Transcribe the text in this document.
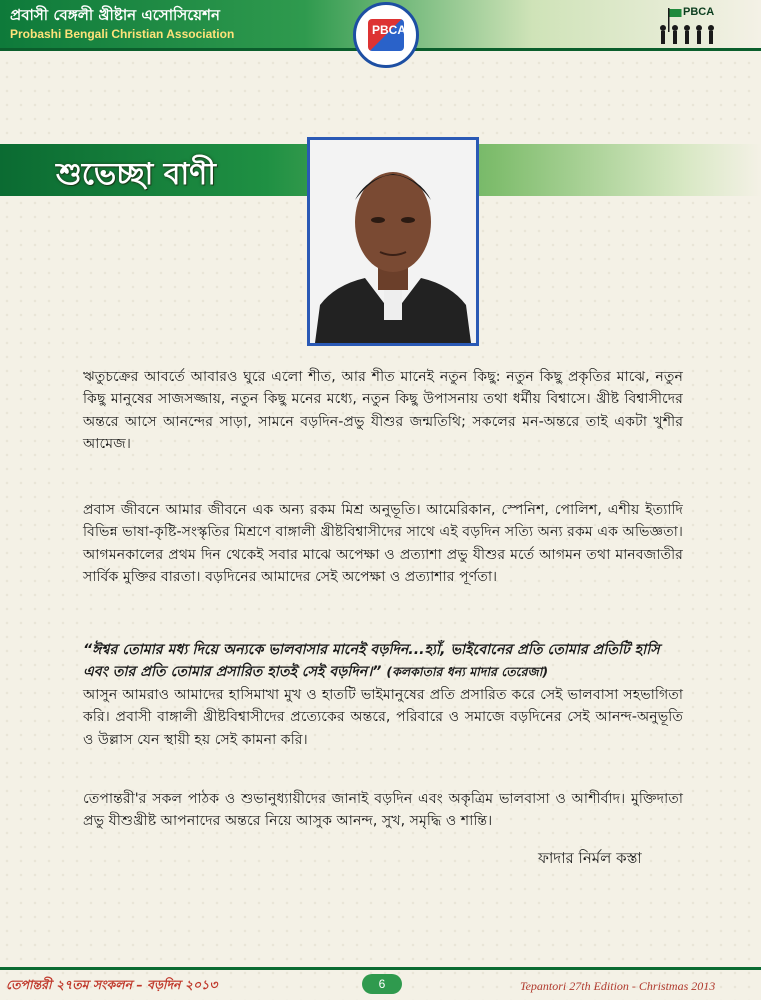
প্রবাসী বেঙ্গলী খ্রীষ্টান এসোসিয়েশন
Probashi Bengali Christian Association
PBCA
PBCA
শুভেচ্ছা বাণী
ঋতুচক্রের আবর্তে আবারও ঘুরে এলো শীত, আর শীত মানেই নতুন কিছু: নতুন কিছু প্রকৃতির মাঝে, নতুন কিছু মানুষের সাজসজ্জায়, নতুন কিছু মনের মধ্যে, নতুন কিছু উপাসনায় তথা ধর্মীয় বিশ্বাসে। খ্রীষ্ট বিশ্বাসীদের অন্তরে আসে আনন্দের সাড়া, সামনে বড়দিন-প্রভু যীশুর জন্মতিথি; সকলের মন-অন্তরে তাই একটা খুশীর আমেজ।
প্রবাস জীবনে আমার জীবনে এক অন্য রকম মিশ্র অনুভূতি। আমেরিকান, স্পেনিশ, পোলিশ, এশীয় ইত্যাদি বিভিন্ন ভাষা-কৃষ্টি-সংস্কৃতির মিশ্রণে বাঙ্গালী খ্রীষ্টবিশ্বাসীদের সাথে এই বড়দিন সত্যি অন্য রকম এক অভিজ্ঞতা। আগমনকালের প্রথম দিন থেকেই সবার মাঝে অপেক্ষা ও প্রত্যাশা প্রভু যীশুর মর্তে আগমন তথা মানবজাতীর সার্বিক মুক্তির বারতা। বড়দিনের আমাদের সেই অপেক্ষা ও প্রত্যাশার পূর্ণতা।
“ঈশ্বর তোমার মধ্য দিয়ে অন্যকে ভালবাসার মানেই বড়দিন...হ্যাঁ, ভাইবোনের প্রতি তোমার প্রতিটি হাসি এবং তার প্রতি তোমার প্রসারিত হাতই সেই বড়দিন।” (কলকাতার ধন্য মাদার তেরেজা)
আসুন আমরাও আমাদের হাসিমাখা মুখ ও হাতটি ভাইমানুষের প্রতি প্রসারিত করে সেই ভালবাসা সহভাগিতা করি। প্রবাসী বাঙ্গালী খ্রীষ্টবিশ্বাসীদের প্রত্যেকের অন্তরে, পরিবারে ও সমাজে বড়দিনের সেই আনন্দ-অনুভূতি ও উল্লাস যেন স্থায়ী হয় সেই কামনা করি।
তেপান্তরী'র সকল পাঠক ও শুভানুধ্যায়ীদের জানাই বড়দিন এবং অকৃত্রিম ভালবাসা ও আশীর্বাদ। মুক্তিদাতা প্রভু যীশুখ্রীষ্ট আপনাদের অন্তরে নিয়ে আসুক আনন্দ, সুখ, সমৃদ্ধি ও শান্তি।
ফাদার নির্মল কস্তা
তেপান্তরী ২৭তম সংকলন – বড়দিন ২০১৩	6	Tepantori 27th Edition - Christmas 2013
